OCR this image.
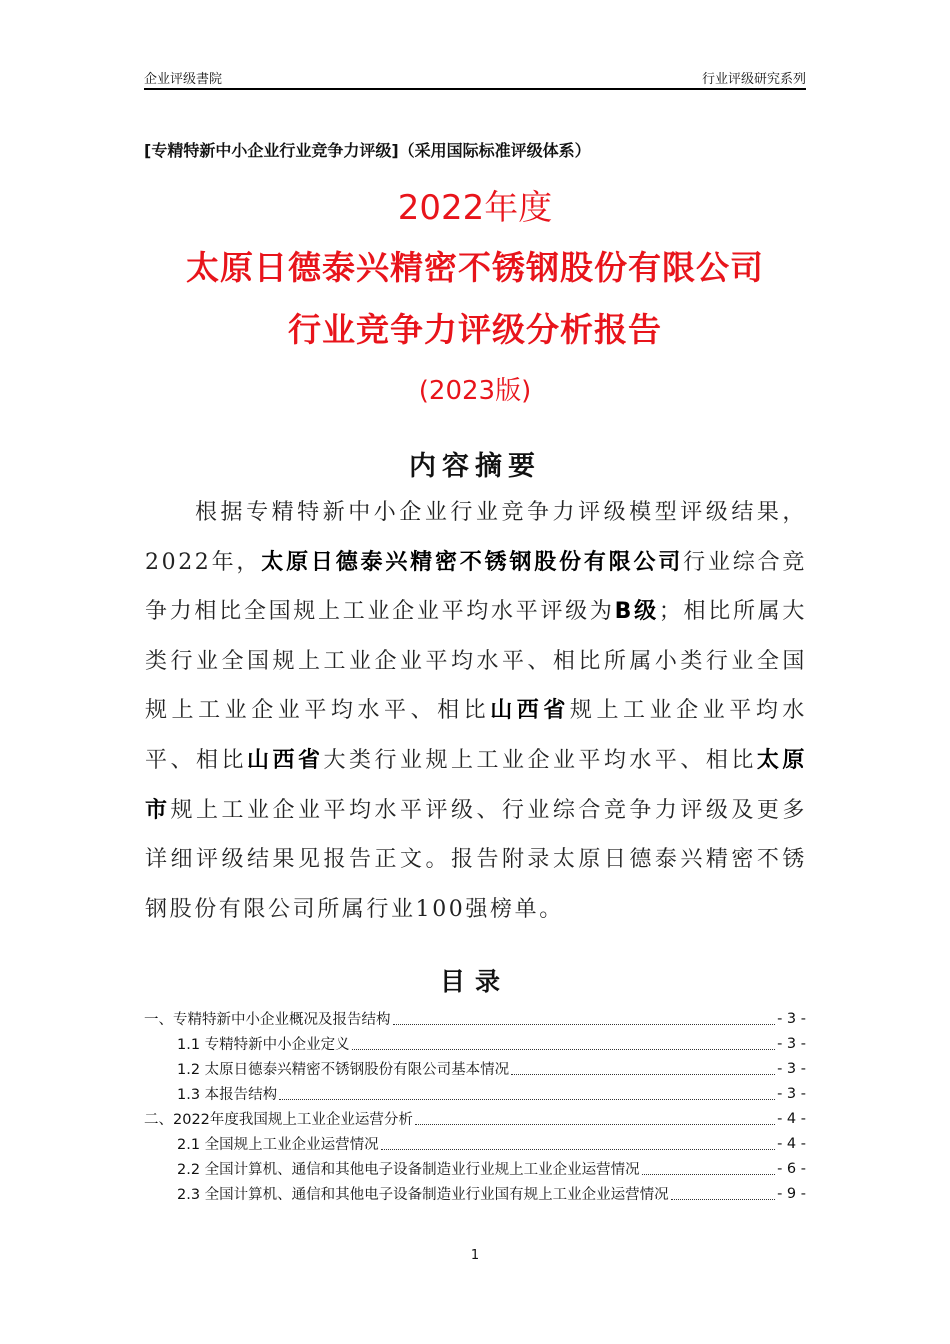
企业评级書院	行业评级研究系列
[专精特新中小企业行业竞争力评级]（采用国际标准评级体系）
2022年度
太原日德泰兴精密不锈钢股份有限公司
行业竞争力评级分析报告
(2023版)
内容摘要

根据专精特新中小企业行业竞争力评级模型评级结果，2022年，太原日德泰兴精密不锈钢股份有限公司行业综合竞争力相比全国规上工业企业平均水平评级为B级；相比所属大类行业全国规上工业企业平均水平、相比所属小类行业全国规上工业企业平均水平、相比山西省规上工业企业平均水平、相比山西省大类行业规上工业企业平均水平、相比太原市规上工业企业平均水平评级、行业综合竞争力评级及更多详细评级结果见报告正文。报告附录太原日德泰兴精密不锈钢股份有限公司所属行业100强榜单。

目录
一、专精特新中小企业概况及报告结构	- 3 -
1.1 专精特新中小企业定义	- 3 -
1.2 太原日德泰兴精密不锈钢股份有限公司基本情况	- 3 -
1.3 本报告结构	- 3 -
二、2022年度我国规上工业企业运营分析	- 4 -
2.1 全国规上工业企业运营情况	- 4 -
2.2 全国计算机、通信和其他电子设备制造业行业规上工业企业运营情况	- 6 -
2.3 全国计算机、通信和其他电子设备制造业行业国有规上工业企业运营情况	- 9 -
1
